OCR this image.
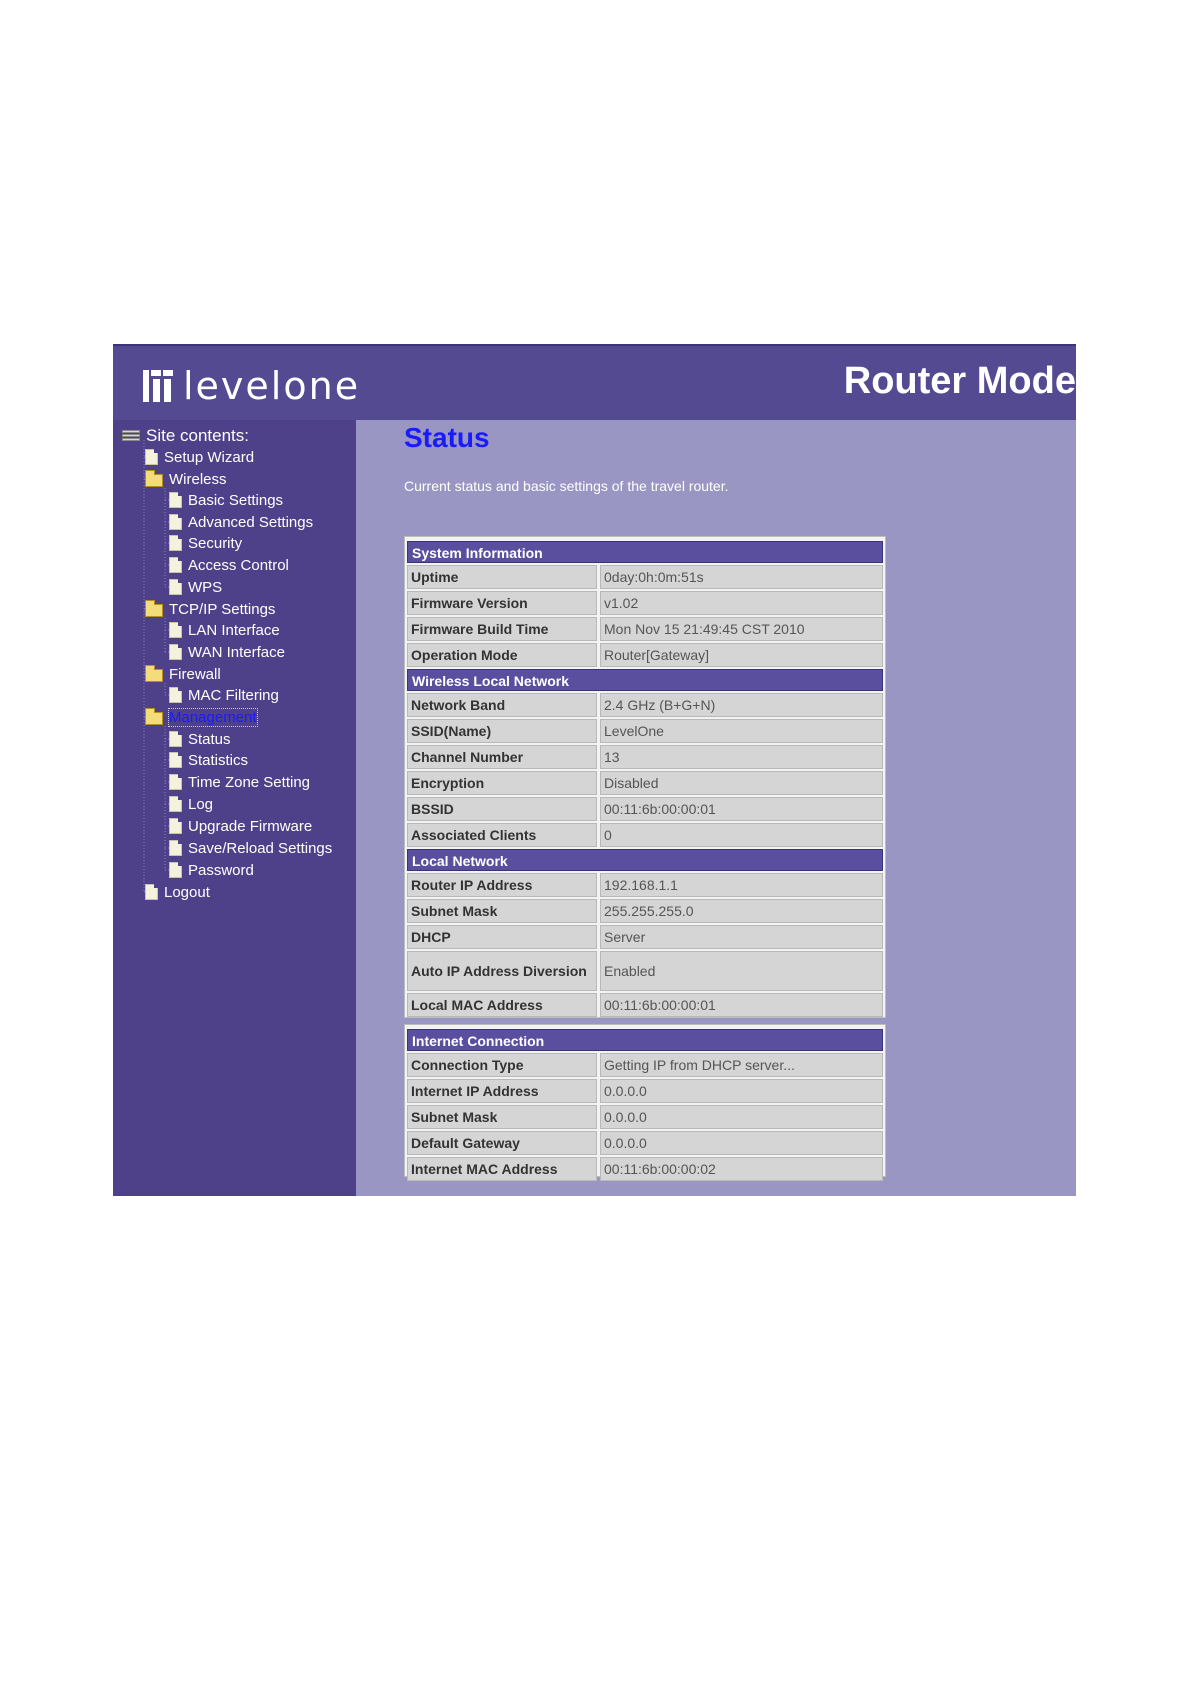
levelone	Router Mode
Site contents:
Setup Wizard
Wireless
Basic Settings
Advanced Settings
Security
Access Control
WPS
TCP/IP Settings
LAN Interface
WAN Interface
Firewall
MAC Filtering
Management
Status
Statistics
Time Zone Setting
Log
Upgrade Firmware
Save/Reload Settings
Password
Logout
Status
Current status and basic settings of the travel router.
System Information
Uptime	0day:0h:0m:51s
Firmware Version	v1.02
Firmware Build Time	Mon Nov 15 21:49:45 CST 2010
Operation Mode	Router[Gateway]
Wireless Local Network
Network Band	2.4 GHz (B+G+N)
SSID(Name)	LevelOne
Channel Number	13
Encryption	Disabled
BSSID	00:11:6b:00:00:01
Associated Clients	0
Local Network
Router IP Address	192.168.1.1
Subnet Mask	255.255.255.0
DHCP	Server
Auto IP Address Diversion	Enabled
Local MAC Address	00:11:6b:00:00:01
Internet Connection
Connection Type	Getting IP from DHCP server...
Internet IP Address	0.0.0.0
Subnet Mask	0.0.0.0
Default Gateway	0.0.0.0
Internet MAC Address	00:11:6b:00:00:02
